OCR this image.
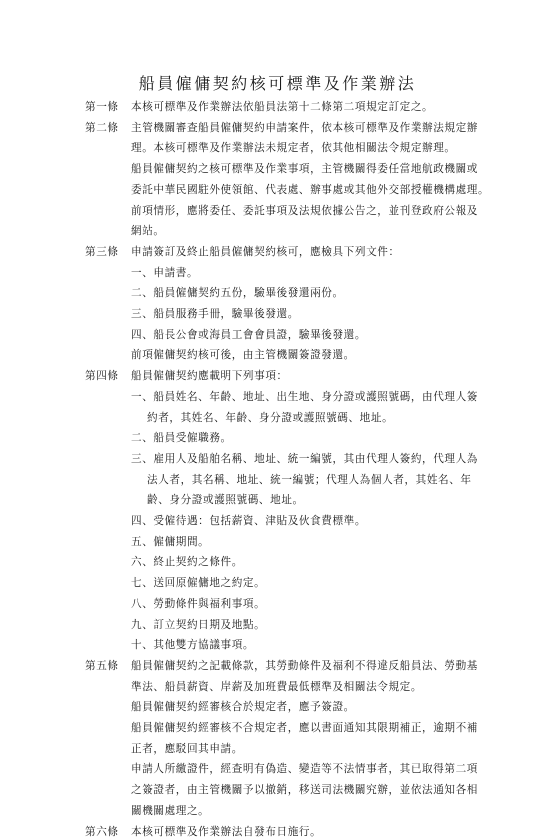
船員僱傭契約核可標準及作業辦法
第一條 本核可標準及作業辦法依船員法第十二條第二項規定訂定之。
第二條 主管機關審查船員僱傭契約申請案件，依本核可標準及作業辦法規定辦
理。本核可標準及作業辦法未規定者，依其他相關法令規定辦理。
船員僱傭契約之核可標準及作業事項，主管機關得委任當地航政機關或
委託中華民國駐外使領館、代表處、辦事處或其他外交部授權機構處理。
前項情形，應將委任、委託事項及法規依據公告之，並刊登政府公報及
網站。
第三條 申請簽訂及終止船員僱傭契約核可，應檢具下列文件：
一、申請書。
二、船員僱傭契約五份，驗畢後發還兩份。
三、船員服務手冊，驗畢後發還。
四、船長公會或海員工會會員證，驗畢後發還。
前項僱傭契約核可後，由主管機關簽證發還。
第四條 船員僱傭契約應載明下列事項：
一、船員姓名、年齡、地址、出生地、身分證或護照號碼，由代理人簽
約者，其姓名、年齡、身分證或護照號碼、地址。
二、船員受僱職務。
三、雇用人及船舶名稱、地址、統一編號，其由代理人簽約，代理人為
法人者，其名稱、地址、統一編號；代理人為個人者，其姓名、年
齡、身分證或護照號碼、地址。
四、受僱待遇：包括薪資、津貼及伙食費標準。
五、僱傭期間。
六、終止契約之條件。
七、送回原僱傭地之約定。
八、勞動條件與福利事項。
九、訂立契約日期及地點。
十、其他雙方協議事項。
第五條 船員僱傭契約之記載條款，其勞動條件及福利不得違反船員法、勞動基
準法、船員薪資、岸薪及加班費最低標準及相關法令規定。
船員僱傭契約經審核合於規定者，應予簽證。
船員僱傭契約經審核不合規定者，應以書面通知其限期補正，逾期不補
正者，應駁回其申請。
申請人所繳證件，經查明有偽造、變造等不法情事者，其已取得第二項
之簽證者，由主管機關予以撤銷，移送司法機關究辦，並依法通知各相
關機關處理之。
第六條 本核可標準及作業辦法自發布日施行。
